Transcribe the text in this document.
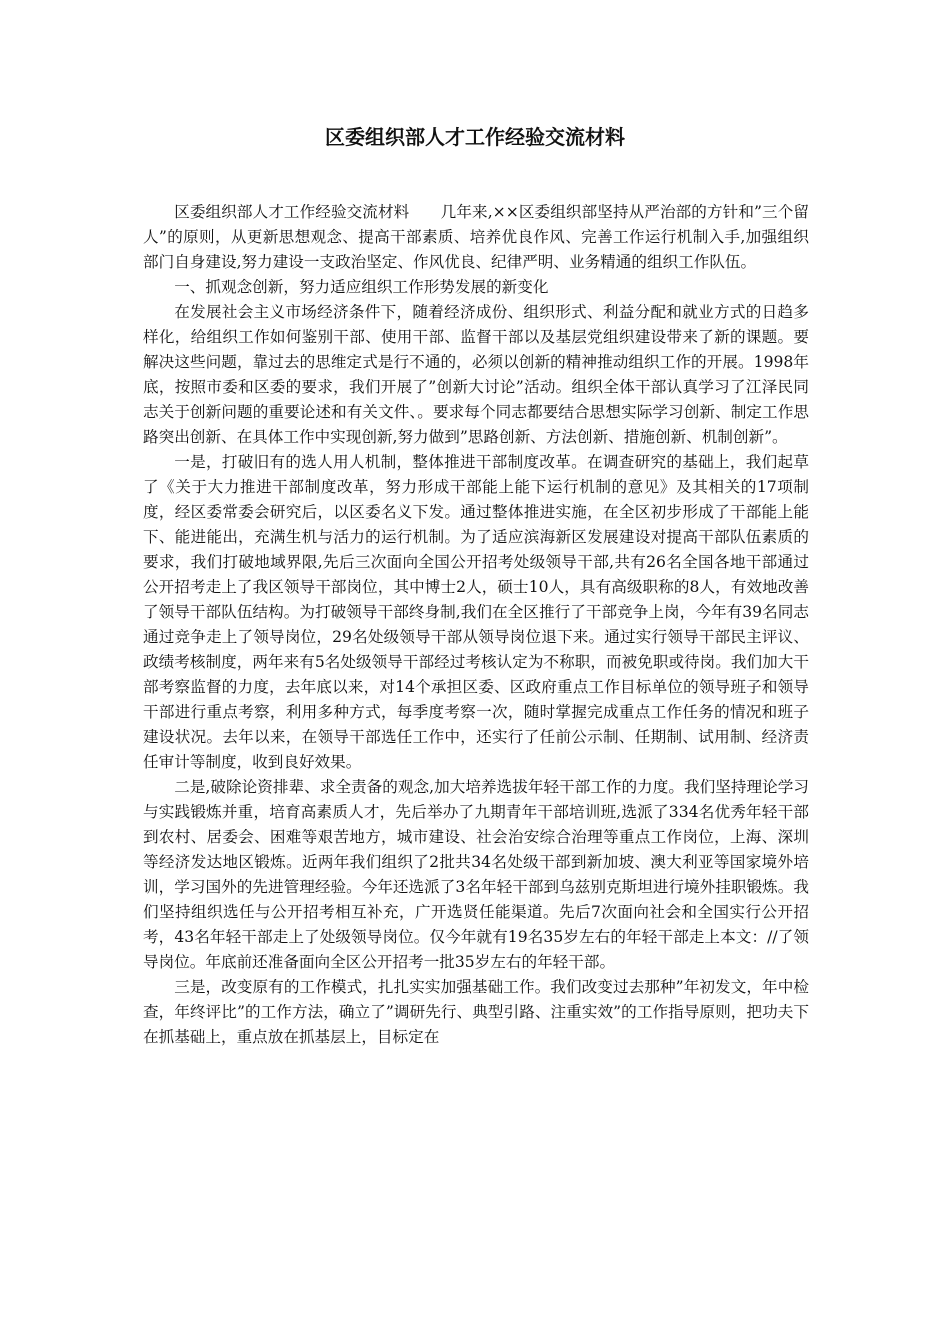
区委组织部人才工作经验交流材料

区委组织部人才工作经验交流材料　　几年来,××区委组织部坚持从严治部的方针和”三个留人”的原则，从更新思想观念、提高干部素质、培养优良作风、完善工作运行机制入手,加强组织部门自身建设,努力建设一支政治坚定、作风优良、纪律严明、业务精通的组织工作队伍。

一、抓观念创新，努力适应组织工作形势发展的新变化

在发展社会主义市场经济条件下，随着经济成份、组织形式、利益分配和就业方式的日趋多样化，给组织工作如何鉴别干部、使用干部、监督干部以及基层党组织建设带来了新的课题。要解决这些问题，靠过去的思维定式是行不通的，必须以创新的精神推动组织工作的开展。1998年底，按照市委和区委的要求，我们开展了”创新大讨论”活动。组织全体干部认真学习了江泽民同志关于创新问题的重要论述和有关文件、。要求每个同志都要结合思想实际学习创新、制定工作思路突出创新、在具体工作中实现创新,努力做到”思路创新、方法创新、措施创新、机制创新”。

一是，打破旧有的选人用人机制，整体推进干部制度改革。在调查研究的基础上，我们起草了《关于大力推进干部制度改革，努力形成干部能上能下运行机制的意见》及其相关的17项制度，经区委常委会研究后，以区委名义下发。通过整体推进实施，在全区初步形成了干部能上能下、能进能出，充满生机与活力的运行机制。为了适应滨海新区发展建设对提高干部队伍素质的要求，我们打破地域界限,先后三次面向全国公开招考处级领导干部,共有26名全国各地干部通过公开招考走上了我区领导干部岗位，其中博士2人，硕士10人，具有高级职称的8人，有效地改善了领导干部队伍结构。为打破领导干部终身制,我们在全区推行了干部竞争上岗，今年有39名同志通过竞争走上了领导岗位，29名处级领导干部从领导岗位退下来。通过实行领导干部民主评议、政绩考核制度，两年来有5名处级领导干部经过考核认定为不称职，而被免职或待岗。我们加大干部考察监督的力度，去年底以来，对14个承担区委、区政府重点工作目标单位的领导班子和领导干部进行重点考察，利用多种方式，每季度考察一次，随时掌握完成重点工作任务的情况和班子建设状况。去年以来，在领导干部选任工作中，还实行了任前公示制、任期制、试用制、经济责任审计等制度，收到良好效果。

二是,破除论资排辈、求全责备的观念,加大培养选拔年轻干部工作的力度。我们坚持理论学习与实践锻炼并重，培育高素质人才，先后举办了九期青年干部培训班,选派了334名优秀年轻干部到农村、居委会、困难等艰苦地方，城市建设、社会治安综合治理等重点工作岗位，上海、深圳等经济发达地区锻炼。近两年我们组织了2批共34名处级干部到新加坡、澳大利亚等国家境外培训，学习国外的先进管理经验。今年还选派了3名年轻干部到乌兹别克斯坦进行境外挂职锻炼。我们坚持组织选任与公开招考相互补充，广开选贤任能渠道。先后7次面向社会和全国实行公开招考，43名年轻干部走上了处级领导岗位。仅今年就有19名35岁左右的年轻干部走上本文：//了领导岗位。年底前还准备面向全区公开招考一批35岁左右的年轻干部。

三是，改变原有的工作模式，扎扎实实加强基础工作。我们改变过去那种”年初发文，年中检查，年终评比”的工作方法，确立了”调研先行、典型引路、注重实效”的工作指导原则，把功夫下在抓基础上，重点放在抓基层上，目标定在
